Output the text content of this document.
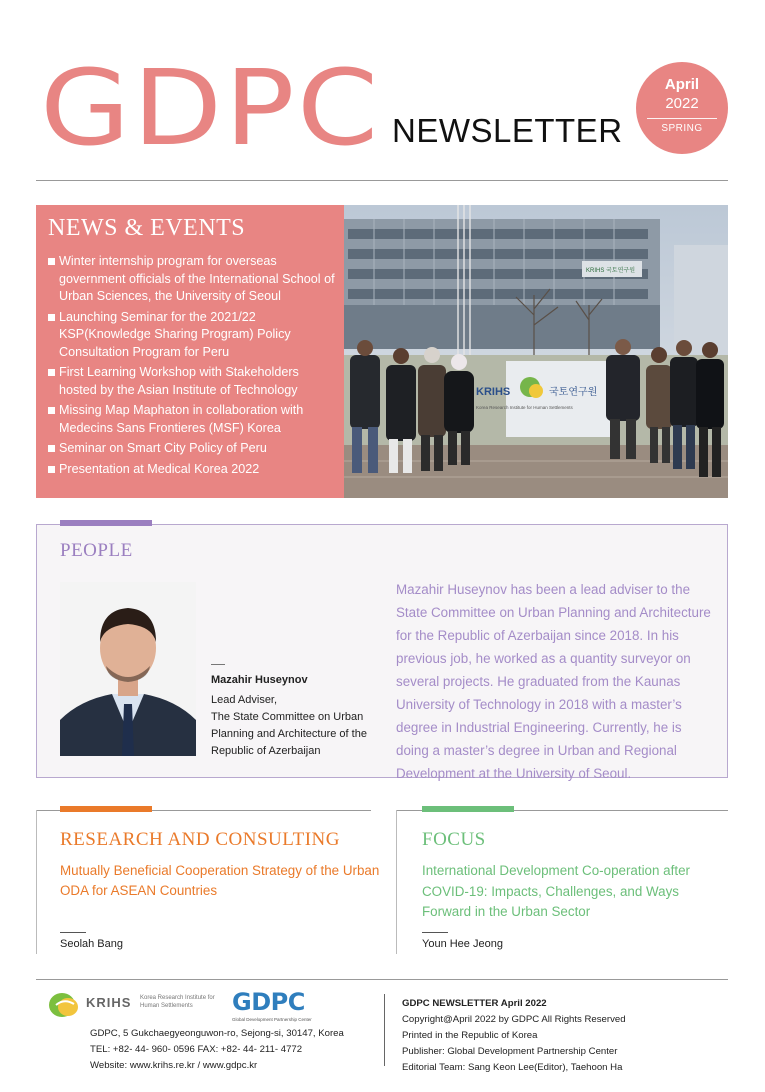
GDPC NEWSLETTER
April
2022
SPRING
NEWS & EVENTS
Winter internship program for overseas government officials of the International School of Urban Sciences, the University of Seoul
Launching Seminar for the 2021/22 KSP(Knowledge Sharing Program) Policy Consultation Program for Peru
First Learning Workshop with Stakeholders hosted by the Asian Institute of Technology
Missing Map Maphaton in collaboration with Medecins Sans Frontieres (MSF) Korea
Seminar on Smart City Policy of Peru
Presentation at Medical Korea 2022
KRIHS 국토연구원
KRIHS	국토연구원
Korea Research Institute for Human Settlements
PEOPLE
Mazahir Huseynov
Lead Adviser,
The State Committee on Urban
Planning and Architecture of the
Republic of Azerbaijan
Mazahir Huseynov has been a lead adviser to the State Committee on Urban Planning and Architecture for the Republic of Azerbaijan since 2018. In his previous job, he worked as a quantity surveyor on several projects. He graduated from the Kaunas University of Technology in 2018 with a master’s degree in Industrial Engineering. Currently, he is doing a master’s degree in Urban and Regional Development at the University of Seoul.
RESEARCH AND CONSULTING
Mutually Beneficial Cooperation Strategy of the Urban ODA for ASEAN Countries
Seolah Bang
FOCUS
International Development Co-operation after COVID-19: Impacts, Challenges, and Ways Forward in the Urban Sector
Youn Hee Jeong
KRIHS Korea Research Institute for Human Settlements	GDPC
Global Development Partnership Center
GDPC, 5 Gukchaegyeonguwon-ro, Sejong-si, 30147, Korea
TEL: +82- 44- 960- 0596 FAX: +82- 44- 211- 4772
Website: www.krihs.re.kr / www.gdpc.kr
GDPC NEWSLETTER April 2022
Copyright@April 2022 by GDPC All Rights Reserved
Printed in the Republic of Korea
Publisher: Global Development Partnership Center
Editorial Team: Sang Keon Lee(Editor), Taehoon Ha
